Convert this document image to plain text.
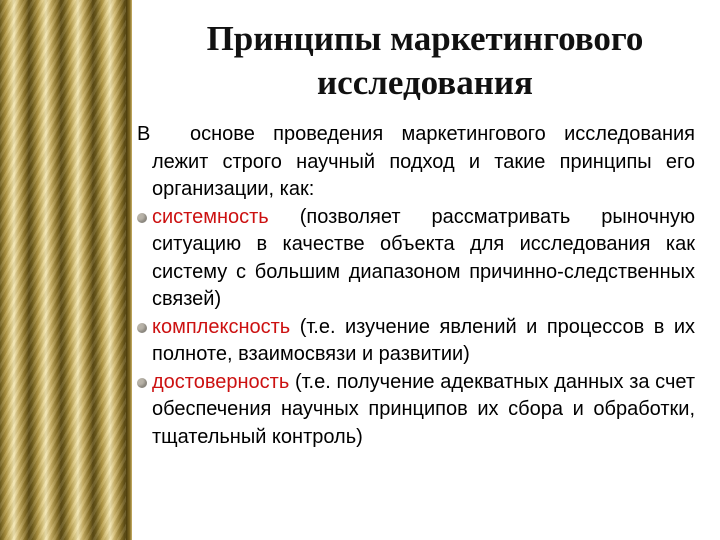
Принципы маркетингового исследования
В основе проведения маркетингового исследования лежит строго научный подход и такие принципы его организации, как:
системность (позволяет рассматривать рыночную ситуацию в качестве объекта для исследования как систему с большим диапазоном причинно-следственных связей)
комплексность (т.е. изучение явлений и процессов в их полноте, взаимосвязи и развитии)
достоверность (т.е. получение адекватных данных за счет обеспечения научных принципов их сбора и обработки, тщательный контроль)
